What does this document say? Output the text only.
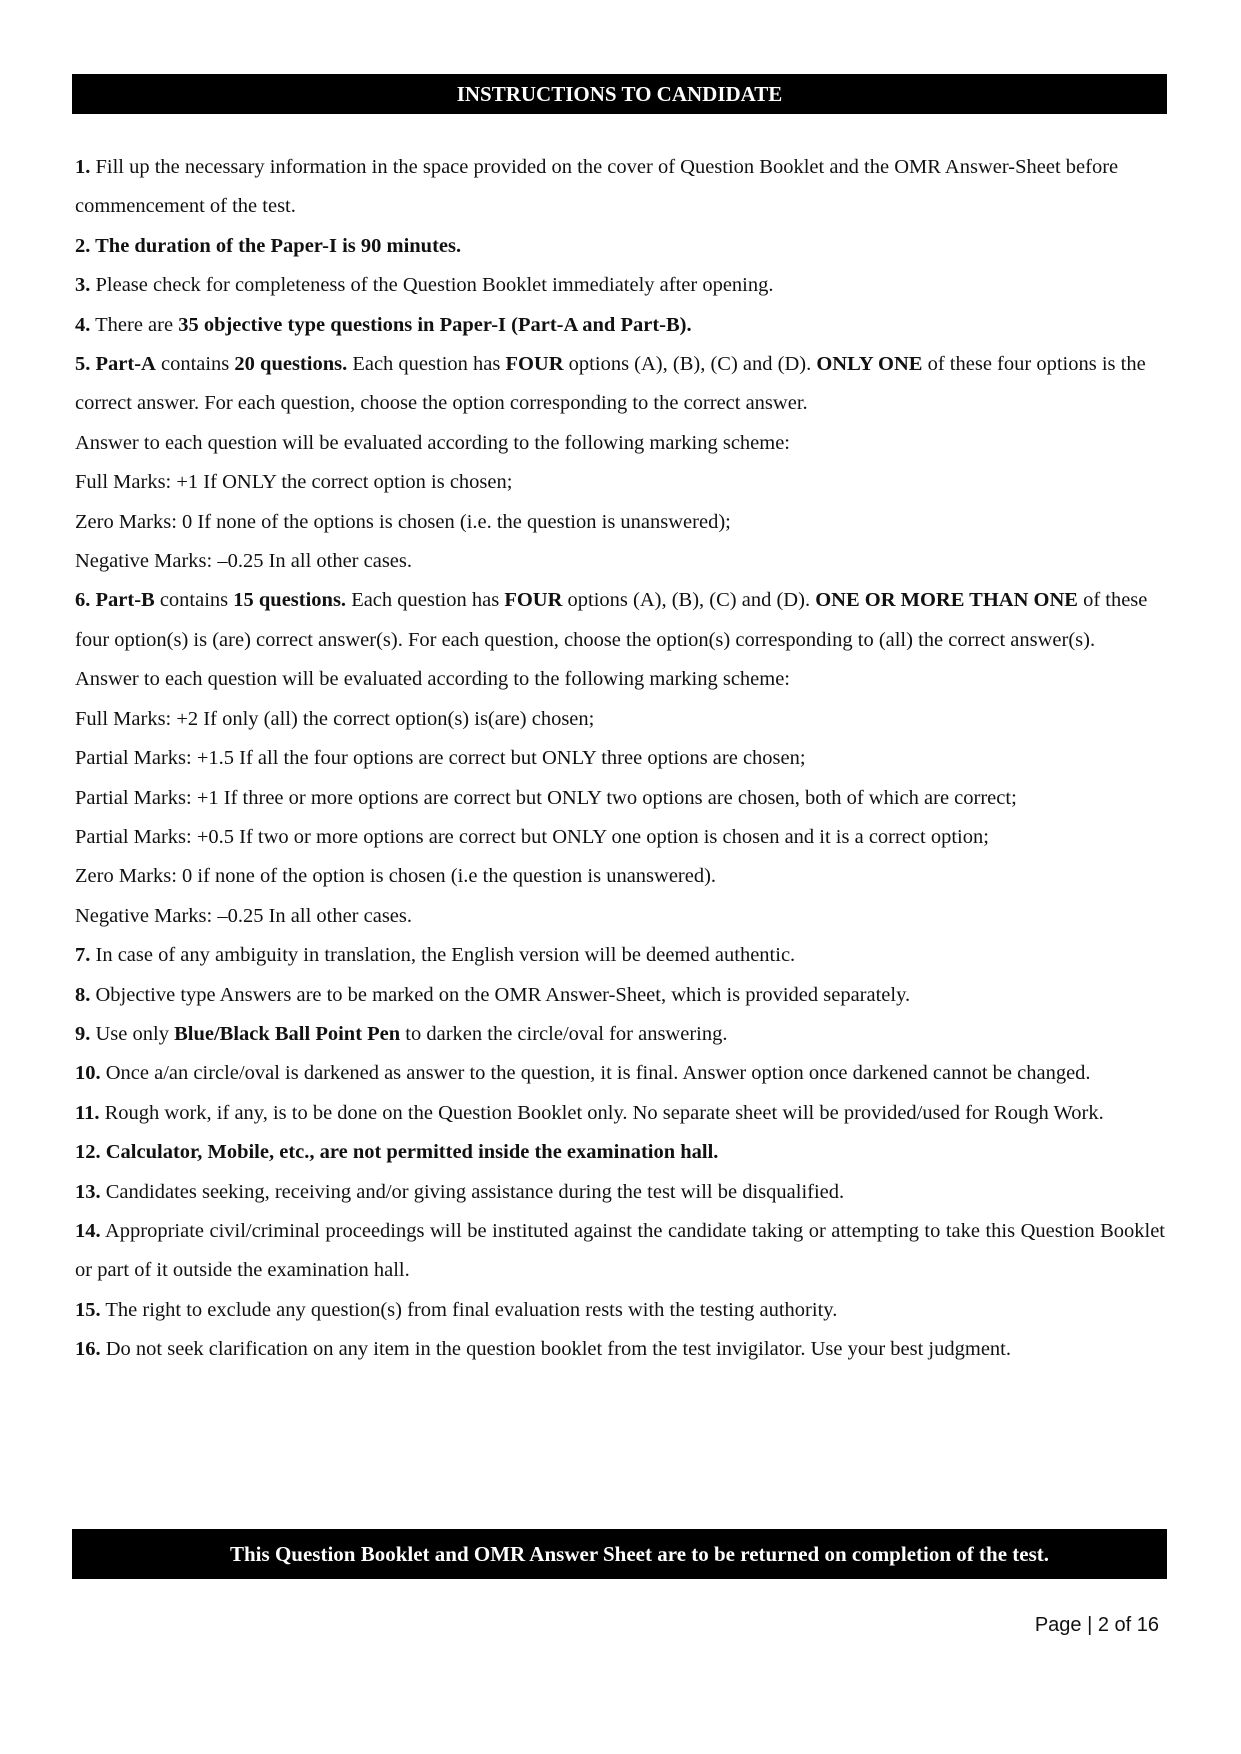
INSTRUCTIONS TO CANDIDATE

1. Fill up the necessary information in the space provided on the cover of Question Booklet and the OMR Answer-Sheet before commencement of the test.

2. The duration of the Paper-I is 90 minutes.

3. Please check for completeness of the Question Booklet immediately after opening.

4. There are 35 objective type questions in Paper-I (Part-A and Part-B).

5. Part-A contains 20 questions. Each question has FOUR options (A), (B), (C) and (D). ONLY ONE of these four options is the correct answer. For each question, choose the option corresponding to the correct answer.

Answer to each question will be evaluated according to the following marking scheme:

Full Marks: +1 If ONLY the correct option is chosen;

Zero Marks: 0 If none of the options is chosen (i.e. the question is unanswered);

Negative Marks: –0.25 In all other cases.

6. Part-B contains 15 questions. Each question has FOUR options (A), (B), (C) and (D). ONE OR MORE THAN ONE of these four option(s) is (are) correct answer(s). For each question, choose the option(s) corresponding to (all) the correct answer(s).

Answer to each question will be evaluated according to the following marking scheme:

Full Marks: +2 If only (all) the correct option(s) is(are) chosen;

Partial Marks: +1.5 If all the four options are correct but ONLY three options are chosen;

Partial Marks: +1 If three or more options are correct but ONLY two options are chosen, both of which are correct;

Partial Marks: +0.5 If two or more options are correct but ONLY one option is chosen and it is a correct option;

Zero Marks: 0 if none of the option is chosen (i.e the question is unanswered).

Negative Marks: –0.25 In all other cases.

7. In case of any ambiguity in translation, the English version will be deemed authentic.

8. Objective type Answers are to be marked on the OMR Answer-Sheet, which is provided separately.

9. Use only Blue/Black Ball Point Pen to darken the circle/oval for answering.

10. Once a/an circle/oval is darkened as answer to the question, it is final. Answer option once darkened cannot be changed.

11. Rough work, if any, is to be done on the Question Booklet only. No separate sheet will be provided/used for Rough Work.

12. Calculator, Mobile, etc., are not permitted inside the examination hall.

13. Candidates seeking, receiving and/or giving assistance during the test will be disqualified.

14. Appropriate civil/criminal proceedings will be instituted against the candidate taking or attempting to take this Question Booklet or part of it outside the examination hall.

15. The right to exclude any question(s) from final evaluation rests with the testing authority.

16. Do not seek clarification on any item in the question booklet from the test invigilator. Use your best judgment.

This Question Booklet and OMR Answer Sheet are to be returned on completion of the test.
Page | 2 of 16
